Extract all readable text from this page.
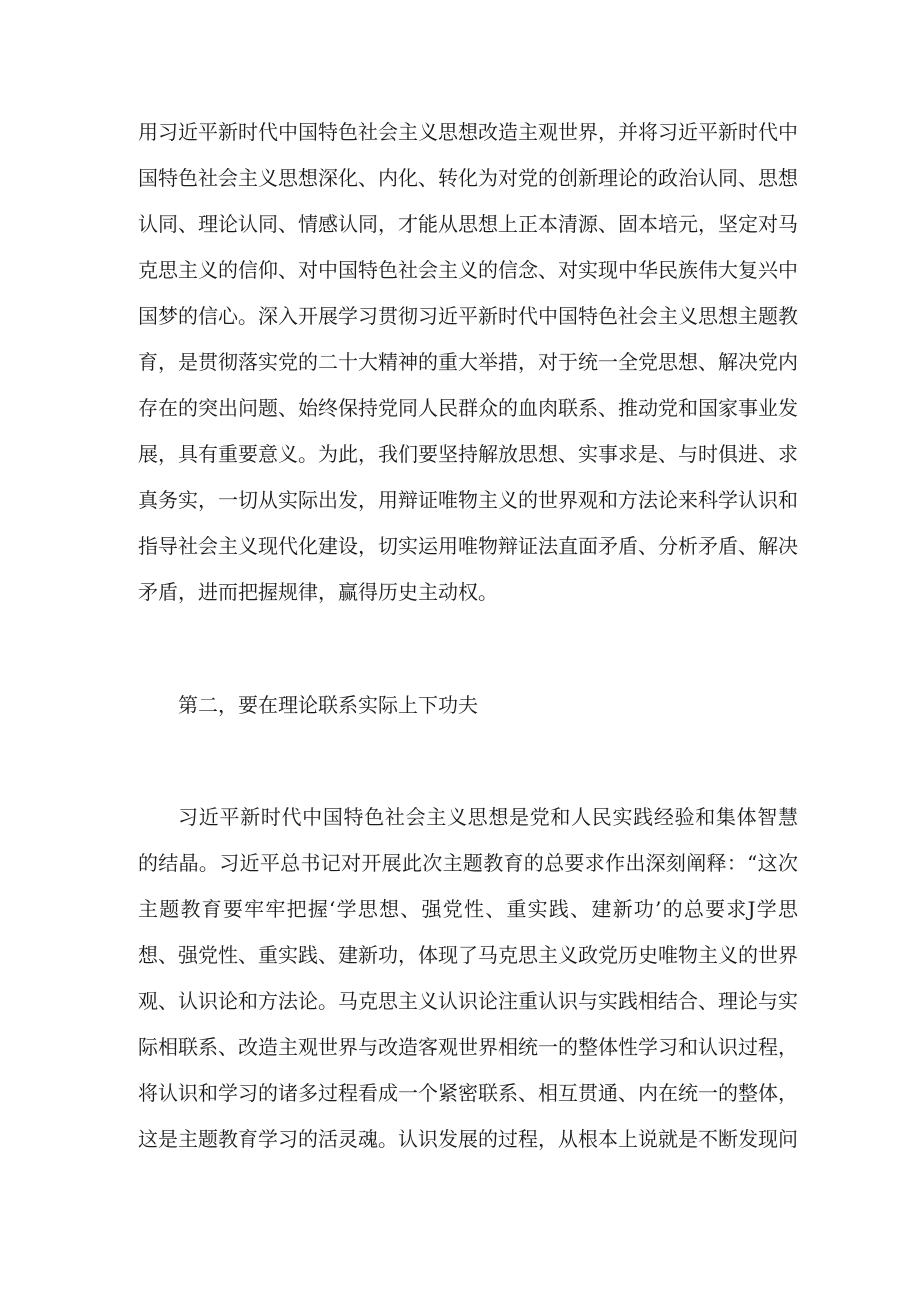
用习近平新时代中国特色社会主义思想改造主观世界，并将习近平新时代中
国特色社会主义思想深化、内化、转化为对党的创新理论的政治认同、思想
认同、理论认同、情感认同，才能从思想上正本清源、固本培元，坚定对马
克思主义的信仰、对中国特色社会主义的信念、对实现中华民族伟大复兴中
国梦的信心。深入开展学习贯彻习近平新时代中国特色社会主义思想主题教
育，是贯彻落实党的二十大精神的重大举措，对于统一全党思想、解决党内
存在的突出问题、始终保持党同人民群众的血肉联系、推动党和国家事业发
展，具有重要意义。为此，我们要坚持解放思想、实事求是、与时俱进、求
真务实，一切从实际出发，用辩证唯物主义的世界观和方法论来科学认识和
指导社会主义现代化建设，切实运用唯物辩证法直面矛盾、分析矛盾、解决
矛盾，进而把握规律，赢得历史主动权。
第二，要在理论联系实际上下功夫
习近平新时代中国特色社会主义思想是党和人民实践经验和集体智慧
的结晶。习近平总书记对开展此次主题教育的总要求作出深刻阐释：“这次
主题教育要牢牢把握‘学思想、强党性、重实践、建新功’的总要求J学思
想、强党性、重实践、建新功，体现了马克思主义政党历史唯物主义的世界
观、认识论和方法论。马克思主义认识论注重认识与实践相结合、理论与实
际相联系、改造主观世界与改造客观世界相统一的整体性学习和认识过程，
将认识和学习的诸多过程看成一个紧密联系、相互贯通、内在统一的整体，
这是主题教育学习的活灵魂。认识发展的过程，从根本上说就是不断发现问
